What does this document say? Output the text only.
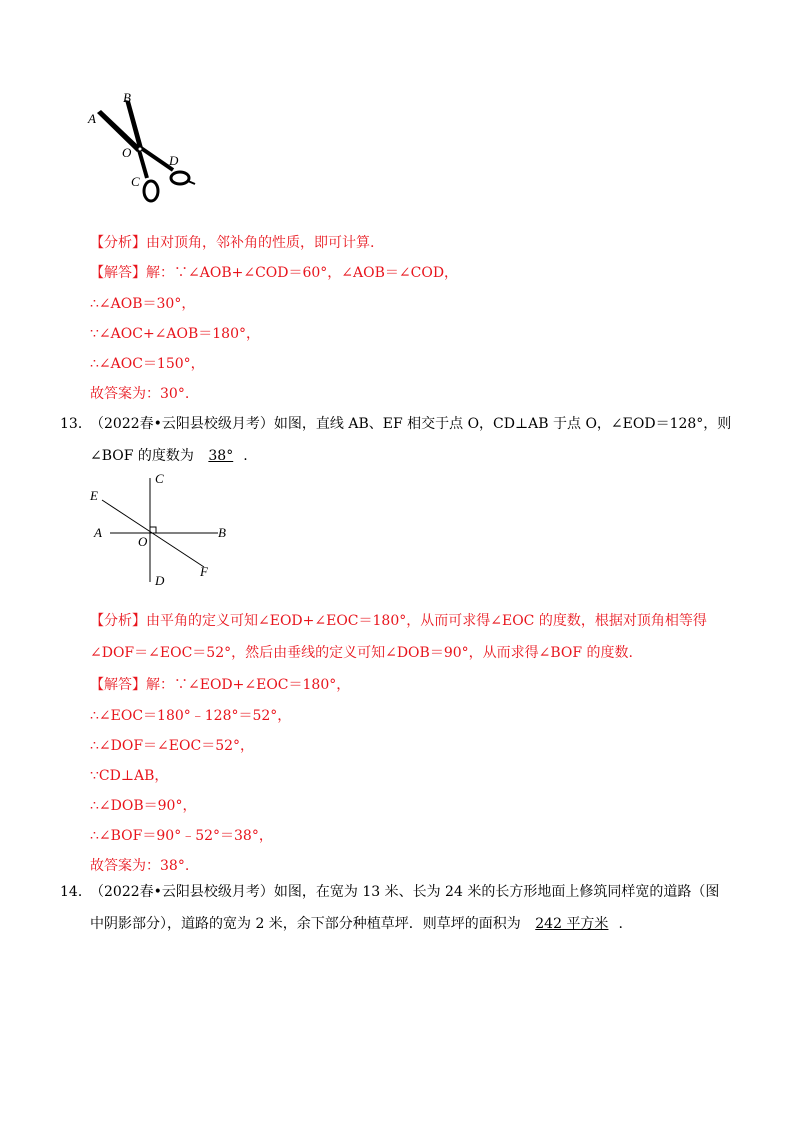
A
B
O
C
D
【分析】由对顶角，邻补角的性质，即可计算.
【解答】解：∵∠AOB+∠COD＝60°，∠AOB＝∠COD，
∴∠AOB＝30°，
∵∠AOC+∠AOB＝180°，
∴∠AOC＝150°，
故答案为：30°.
13．
（2022春•云阳县校级月考）如图，直线 AB、EF 相交于点 O，CD⊥AB 于点 O，∠EOD＝128°，则
∠BOF 的度数为 38° .
E
C
A
O
B
D
F
【分析】由平角的定义可知∠EOD+∠EOC＝180°，从而可求得∠EOC 的度数，根据对顶角相等得
∠DOF＝∠EOC＝52°，然后由垂线的定义可知∠DOB＝90°，从而求得∠BOF 的度数.
【解答】解：∵∠EOD+∠EOC＝180°，
∴∠EOC＝180°﹣128°＝52°，
∴∠DOF＝∠EOC＝52°，
∵CD⊥AB，
∴∠DOB＝90°，
∴∠BOF＝90°﹣52°＝38°，
故答案为：38°.
14．
（2022春•云阳县校级月考）如图，在宽为 13 米、长为 24 米的长方形地面上修筑同样宽的道路（图
中阴影部分），道路的宽为 2 米，余下部分种植草坪．则草坪的面积为 242 平方米 .
